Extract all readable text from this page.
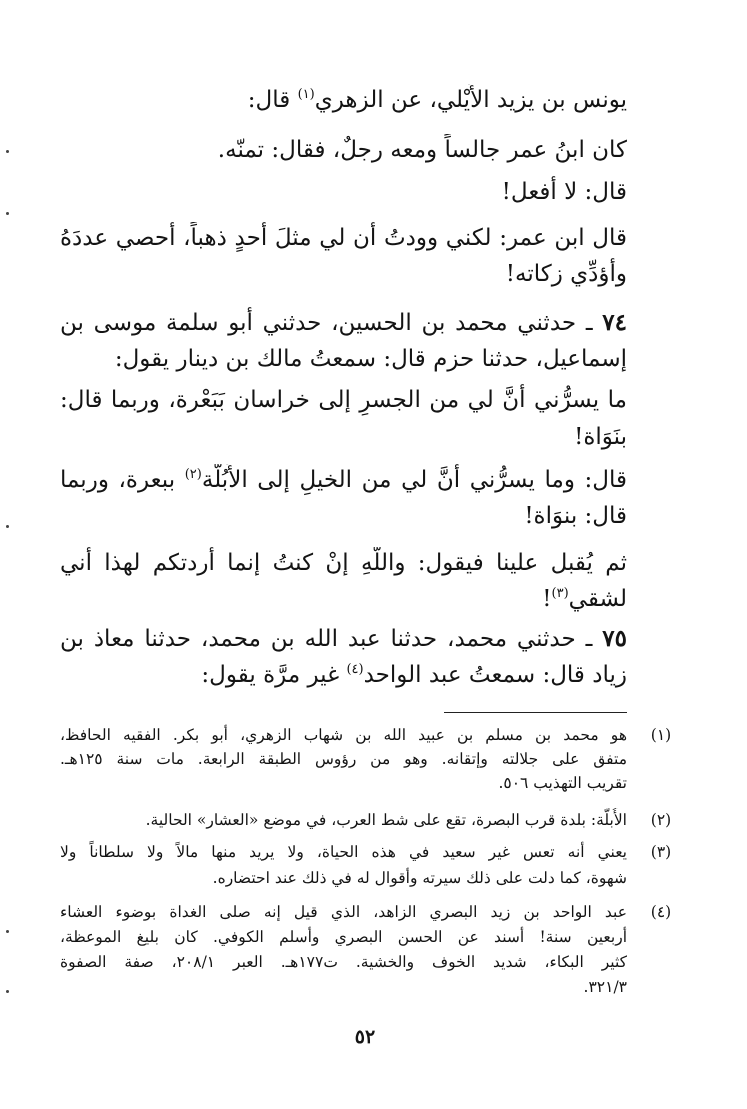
يونس بن يزيد الأَيْلي، عن الزهري$^{(١)}$ قال:
كان ابنُ عمر جالساً ومعه رجلٌ، فقال: تمنّه.
قال: لا أفعل!
قال ابن عمر: لكني وودتُ أن لي مثلَ أُحدٍ ذهباً، أحصي عددَهُ
وأؤدِّي زكاته!
٧٤ ـ حدثني محمد بن الحسين، حدثني أبو سلمة موسى بن
إسماعيل، حدثنا حزم قال: سمعتُ مالك بن دينار يقول:
ما يسرُّني أنَّ لي من الجسرِ إلى خراسان بَبَعْرة، وربما قال:
بنَوَاة!
قال: وما يسرُّني أنَّ لي من الخيلِ إلى الأُبُلَّة$^{(٢)}$ ببعرة، وربما
قال: بنوَاة!
ثم يُقبل علينا فيقول: واللّهِ إنْ كنتُ إنما أردتكم لهذا أني
لشقي$^{(٣)}$!
٧٥ ـ حدثني محمد، حدثنا عبد الله بن محمد، حدثنا معاذ بن
زياد قال: سمعتُ عبد الواحد$^{(٤)}$ غير مرَّة يقول:
(١)
هو محمد بن مسلم بن عبيد الله بن شهاب الزهري، أبو بكر. الفقيه الحافظ،
متفق على جلالته وإتقانه. وهو من رؤوس الطبقة الرابعة. مات سنة ١٢٥هـ.
تقريب التهذيب ٥٠٦.
(٢)
الأُبلَّة: بلدة قرب البصرة، تقع على شط العرب، في موضع «العشار» الحالية.
(٣)
يعني أنه تعس غير سعيد في هذه الحياة، ولا يريد منها مالاً ولا سلطاناً ولا
شهوة، كما دلت على ذلك سيرته وأقوال له في ذلك عند احتضاره.
(٤)
عبد الواحد بن زيد البصري الزاهد، الذي قيل إنه صلى الغداة بوضوء العشاء
أربعين سنة! أسند عن الحسن البصري وأسلم الكوفي. كان بليغ الموعظة،
كثير البكاء، شديد الخوف والخشية. ت١٧٧هـ. العبر ٢٠٨/١، صفة الصفوة
٣٢١/٣.
٥٢
